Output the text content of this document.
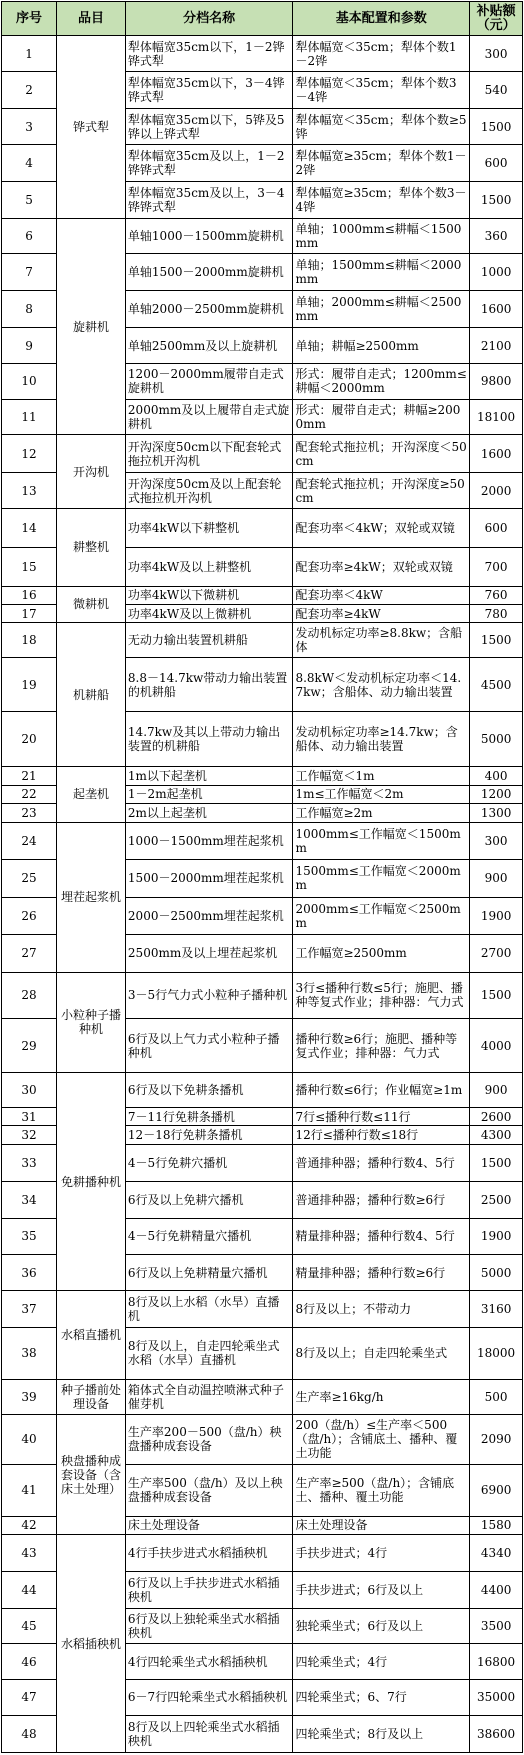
序号	品目	分档名称	基本配置和参数	补贴额（元）
1	铧式犁	犁体幅宽35cm以下，1－2铧铧式犁	犁体幅宽＜35cm；犁体个数1－2铧	300
2		犁体幅宽35cm以下，3－4铧铧式犁	犁体幅宽＜35cm；犁体个数3－4铧	540
3		犁体幅宽35cm以下，5铧及5铧以上铧式犁	犁体幅宽＜35cm；犁体个数≥5铧	1500
4		犁体幅宽35cm及以上，1－2铧铧式犁	犁体幅宽≥35cm；犁体个数1－2铧	600
5		犁体幅宽35cm及以上，3－4铧铧式犁	犁体幅宽≥35cm；犁体个数3－4铧	1500
6	旋耕机	单轴1000－1500mm旋耕机	单轴；1000mm≤耕幅＜1500mm	360
7		单轴1500－2000mm旋耕机	单轴；1500mm≤耕幅＜2000mm	1000
8		单轴2000－2500mm旋耕机	单轴；2000mm≤耕幅＜2500mm	1600
9		单轴2500mm及以上旋耕机	单轴；耕幅≥2500mm	2100
10		1200－2000mm履带自走式旋耕机	形式：履带自走式；1200mm≤耕幅＜2000mm	9800
11		2000mm及以上履带自走式旋耕机	形式：履带自走式；耕幅≥2000mm	18100
12	开沟机	开沟深度50cm以下配套轮式拖拉机开沟机	配套轮式拖拉机；开沟深度＜50cm	1600
13		开沟深度50cm及以上配套轮式拖拉机开沟机	配套轮式拖拉机；开沟深度≥50cm	2000
14	耕整机	功率4kW以下耕整机	配套功率＜4kW；双轮或双镜	600
15		功率4kW及以上耕整机	配套功率≥4kW；双轮或双镜	700
16	微耕机	功率4kW以下微耕机	配套功率＜4kW	760
17		功率4kW及以上微耕机	配套功率≥4kW	780
18	机耕船	无动力输出装置机耕船	发动机标定功率≥8.8kw；含船体	1500
19		8.8－14.7kw带动力输出装置的机耕船	8.8kW＜发动机标定功率＜14.7kw；含船体、动力输出装置	4500
20		14.7kw及其以上带动力输出装置的机耕船	发动机标定功率≥14.7kw；含船体、动力输出装置	5000
21	起垄机	1m以下起垄机	工作幅宽＜1m	400
22		1－2m起垄机	1m≤工作幅宽＜2m	1200
23		2m以上起垄机	工作幅宽≥2m	1300
24	埋茬起浆机	1000－1500mm埋茬起浆机	1000mm≤工作幅宽＜1500mm	300
25		1500－2000mm埋茬起浆机	1500mm≤工作幅宽＜2000mm	900
26		2000－2500mm埋茬起浆机	2000mm≤工作幅宽＜2500mm	1900
27		2500mm及以上埋茬起浆机	工作幅宽≥2500mm	2700
28	小粒种子播种机	3－5行气力式小粒种子播种机	3行≤播种行数≤5行；施肥、播种等复式作业；排种器：气力式	1500
29		6行及以上气力式小粒种子播种机	播种行数≥6行；施肥、播种等复式作业；排种器：气力式	4000
30	免耕播种机	6行及以下免耕条播机	播种行数≤6行；作业幅宽≥1m	900
31		7－11行免耕条播机	7行≤播种行数≤11行	2600
32		12－18行免耕条播机	12行≤播种行数≤18行	4300
33		4－5行免耕穴播机	普通排种器；播种行数4、5行	1500
34		6行及以上免耕穴播机	普通排种器；播种行数≥6行	2500
35		4－5行免耕精量穴播机	精量排种器；播种行数4、5行	1900
36		6行及以上免耕精量穴播机	精量排种器；播种行数≥6行	5000
37	水稻直播机	8行及以上水稻（水旱）直播机	8行及以上；不带动力	3160
38		8行及以上，自走四轮乘坐式水稻（水旱）直播机	8行及以上；自走四轮乘坐式	18000
39	种子播前处理设备	箱体式全自动温控喷淋式种子催芽机	生产率≥16kg/h	500
40	秧盘播种成套设备（含床土处理）	生产率200－500（盘/h）秧盘播种成套设备	200（盘/h）≤生产率＜500（盘/h）；含铺底土、播种、覆土功能	2090
41		生产率500（盘/h）及以上秧盘播种成套设备	生产率≥500（盘/h）；含铺底土、播种、覆土功能	6900
42		床土处理设备	床土处理设备	1580
43	水稻插秧机	4行手扶步进式水稻插秧机	手扶步进式；4行	4340
44		6行及以上手扶步进式水稻插秧机	手扶步进式；6行及以上	4400
45		6行及以上独轮乘坐式水稻插秧机	独轮乘坐式；6行及以上	3500
46		4行四轮乘坐式水稻插秧机	四轮乘坐式；4行	16800
47		6－7行四轮乘坐式水稻插秧机	四轮乘坐式；6、7行	35000
48		8行及以上四轮乘坐式水稻插秧机	四轮乘坐式；8行及以上	38600
